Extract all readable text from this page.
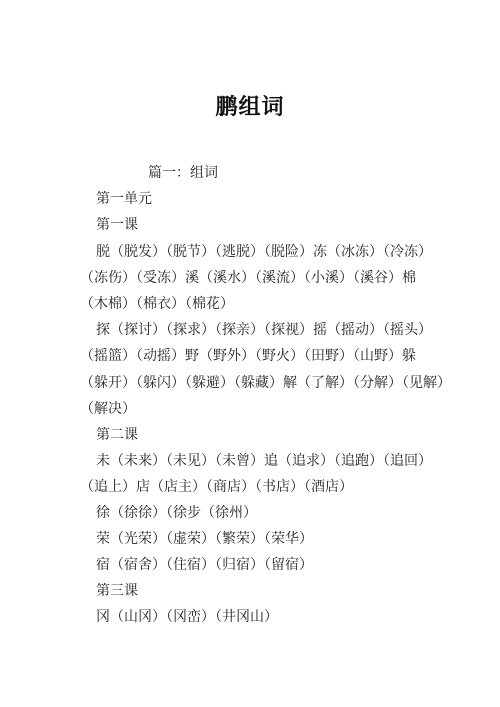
鹏组词
篇一：组词
第一单元
第一课
脱（脱发）（脱节）（逃脱）（脱险）冻（冰冻）（冷冻）
（冻伤）（受冻）溪（溪水）（溪流）（小溪）（溪谷）棉
（木棉）（棉衣）（棉花）
探（探讨）（探求）（探亲）（探视）摇（摇动）（摇头）
（摇篮）（动摇）野（野外）（野火）（田野）（山野）躲
（躲开）（躲闪）（躲避）（躲藏）解（了解）（分解）（见解）
（解决）
第二课
未（未来）（未见）（未曾）追（追求）（追跑）（追回）
（追上）店（店主）（商店）（书店）（酒店）
徐（徐徐）（徐步（徐州）
荣（光荣）（虚荣）（繁荣）（荣华）
宿（宿舍）（住宿）（归宿）（留宿）
第三课
冈（山冈）（冈峦）（井冈山）
